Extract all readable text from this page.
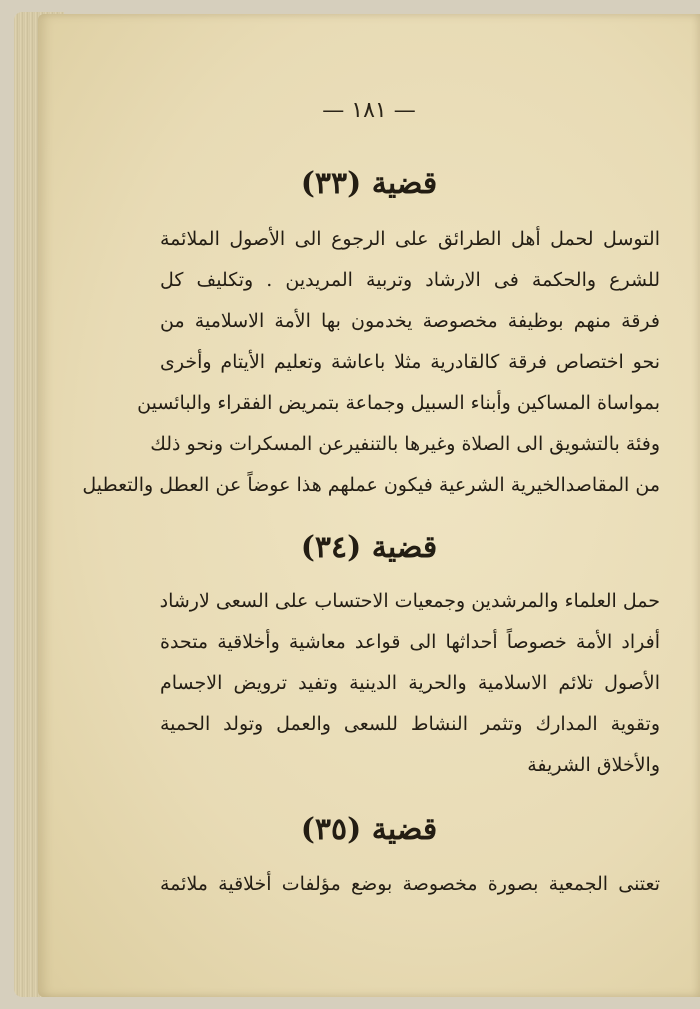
— ١٨١ —
قضية (٣٣)
التوسل لحمل أهل الطرائق على الرجوع الى الأصول الملائمة
للشرع والحكمة فى الارشاد وتربية المريدين . وتكليف كل
فرقة منهم بوظيفة مخصوصة يخدمون بها الأمة الاسلامية من
نحو اختصاص فرقة كالقادرية مثلا باعاشة وتعليم الأيتام وأخرى
بمواساة المساكين وأبناء السبيل وجماعة بتمريض الفقراء والبائسين
وفئة بالتشويق الى الصلاة وغيرها بالتنفيرعن المسكرات ونحو ذلك
من المقاصدالخيرية الشرعية فيكون عملهم هذا عوضاً عن العطل والتعطيل
قضية (٣٤)
حمل العلماء والمرشدين وجمعيات الاحتساب على السعى لارشاد
أفراد الأمة خصوصاً أحداثها الى قواعد معاشية وأخلاقية متحدة
الأصول تلائم الاسلامية والحرية الدينية وتفيد ترويض الاجسام
وتقوية المدارك وتثمر النشاط للسعى والعمل وتولد الحمية
والأخلاق الشريفة
قضية (٣٥)
تعتنى الجمعية بصورة مخصوصة بوضع مؤلفات أخلاقية ملائمة
